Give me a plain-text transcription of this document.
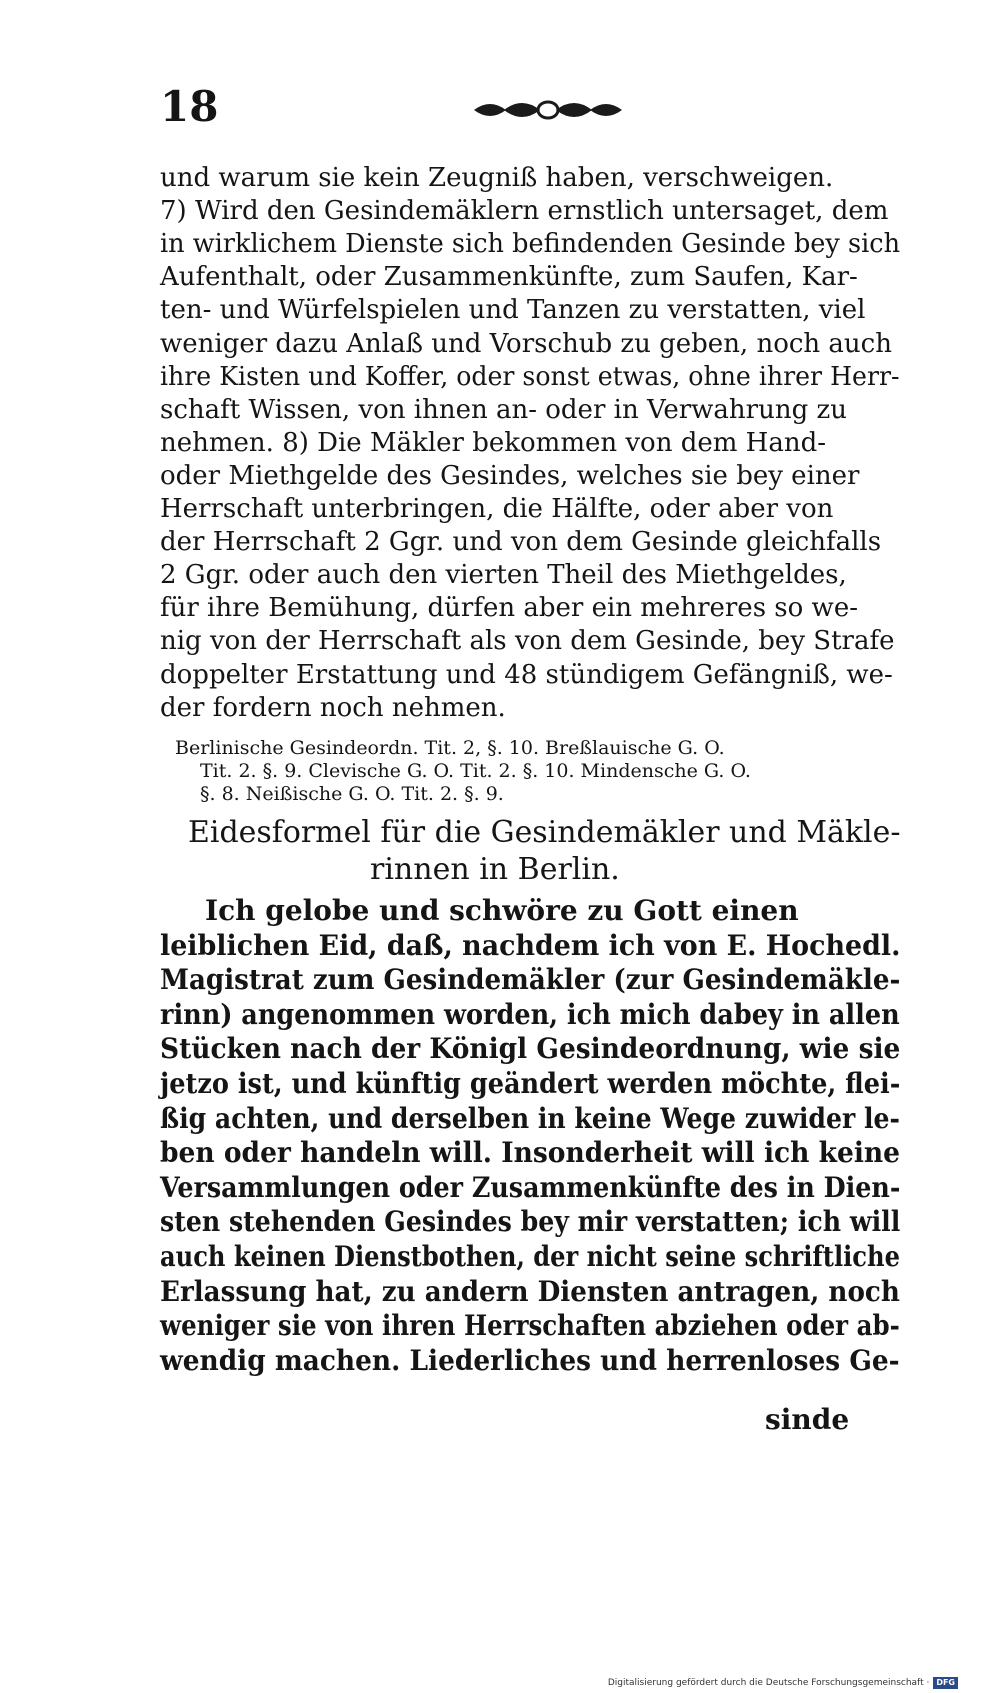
18
und warum sie kein Zeugniß haben, verschweigen.
7) Wird den Gesindemäklern ernstlich untersaget, dem
in wirklichem Dienste sich befindenden Gesinde bey sich
Aufenthalt, oder Zusammenkünfte, zum Saufen, Kar-
ten- und Würfelspielen und Tanzen zu verstatten, viel
weniger dazu Anlaß und Vorschub zu geben, noch auch
ihre Kisten und Koffer, oder sonst etwas, ohne ihrer Herr-
schaft Wissen, von ihnen an- oder in Verwahrung zu
nehmen. 8) Die Mäkler bekommen von dem Hand-
oder Miethgelde des Gesindes, welches sie bey einer
Herrschaft unterbringen, die Hälfte, oder aber von
der Herrschaft 2 Ggr. und von dem Gesinde gleichfalls
2 Ggr. oder auch den vierten Theil des Miethgeldes,
für ihre Bemühung, dürfen aber ein mehreres so we-
nig von der Herrschaft als von dem Gesinde, bey Strafe
doppelter Erstattung und 48 stündigem Gefängniß, we-
der fordern noch nehmen.
Berlinische Gesindeordn. Tit. 2, §. 10. Breßlauische G. O.
Tit. 2. §. 9. Clevische G. O. Tit. 2. §. 10. Mindensche G. O.
§. 8. Neißische G. O. Tit. 2. §. 9.
Eidesformel für die Gesindemäkler und Mäkle-
rinnen in Berlin.
Ich gelobe und schwöre zu Gott einen
leiblichen Eid, daß, nachdem ich von E. Hochedl.
Magistrat zum Gesindemäkler (zur Gesindemäkle-
rinn) angenommen worden, ich mich dabey in allen
Stücken nach der Königl Gesindeordnung, wie sie
jetzo ist, und künftig geändert werden möchte, flei-
ßig achten, und derselben in keine Wege zuwider le-
ben oder handeln will. Insonderheit will ich keine
Versammlungen oder Zusammenkünfte des in Dien-
sten stehenden Gesindes bey mir verstatten; ich will
auch keinen Dienstbothen, der nicht seine schriftliche
Erlassung hat, zu andern Diensten antragen, noch
weniger sie von ihren Herrschaften abziehen oder ab-
wendig machen. Liederliches und herrenloses Ge-
sinde
Digitalisierung gefördert durch die Deutsche Forschungsgemeinschaft · DFG
